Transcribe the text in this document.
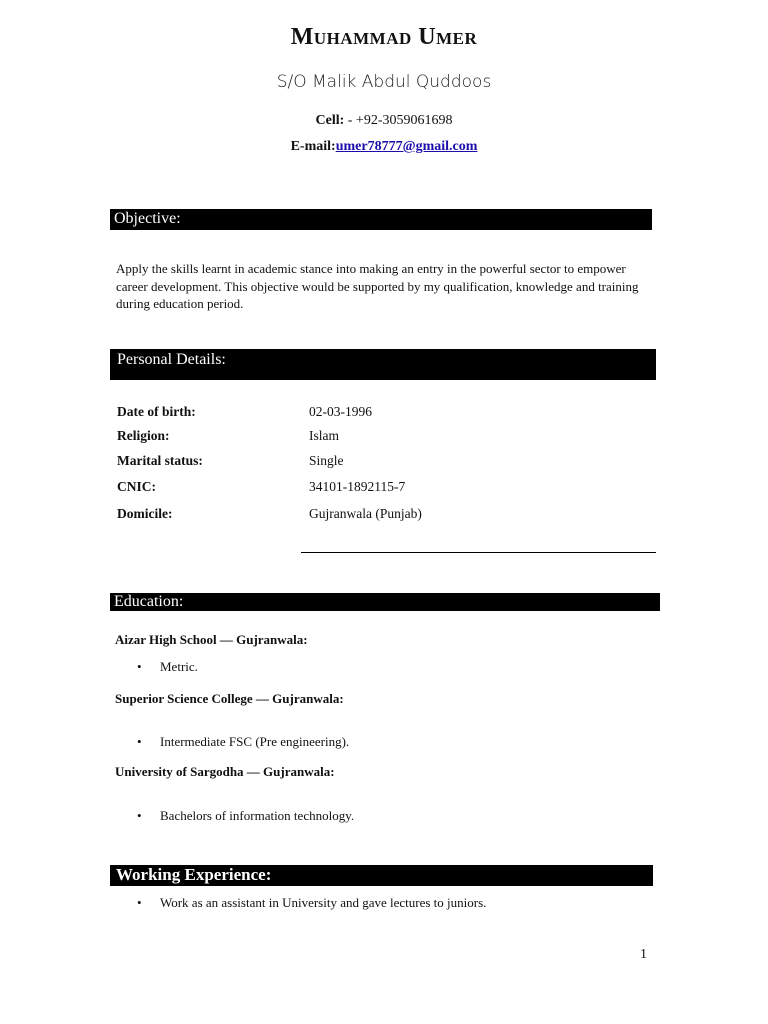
Muhammad Umer
S/O Malik Abdul Quddoos
Cell: - +92-3059061698
E-mail:umer78777@gmail.com
Objective:
Apply the skills learnt in academic stance into making an entry in the powerful sector to empower career development. This objective would be supported by my qualification, knowledge and training during education period.
Personal Details:
Date of birth:	02-03-1996
Religion:	Islam
Marital status:	Single
CNIC:	34101-1892115-7
Domicile:	Gujranwala (Punjab)
Education:
Aizar High School — Gujranwala:
• Metric.
Superior Science College — Gujranwala:
• Intermediate FSC (Pre engineering).
University of Sargodha — Gujranwala:
• Bachelors of information technology.
Working Experience:
• Work as an assistant in University and gave lectures to juniors.
1
